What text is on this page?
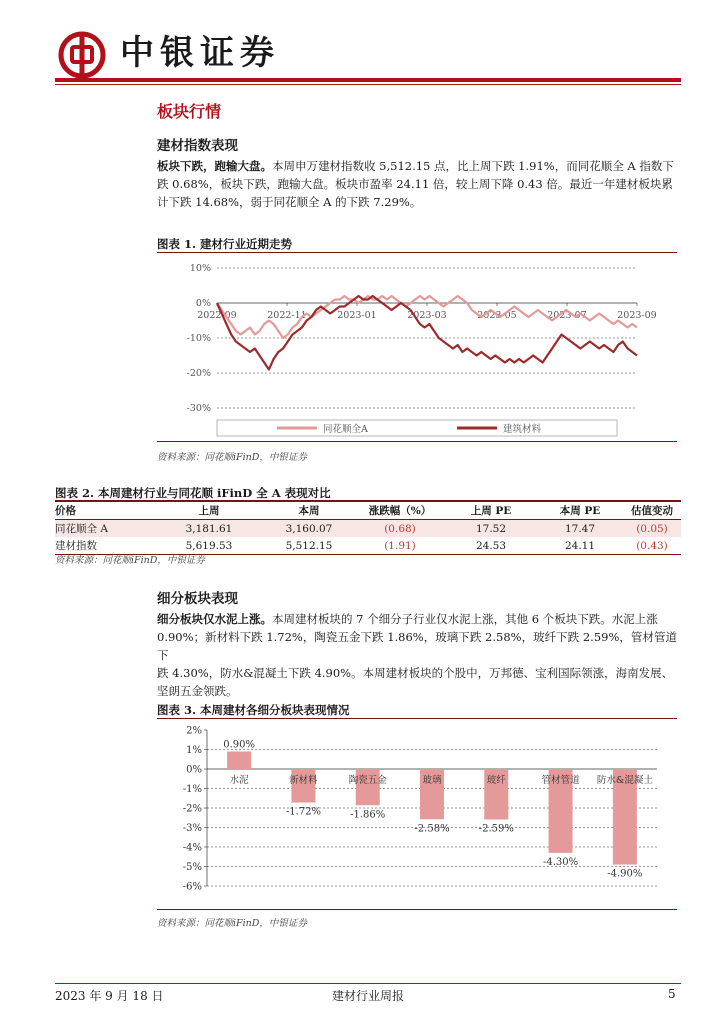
中银证券
板块行情
建材指数表现
板块下跌，跑输大盘。本周申万建材指数收 5,512.15 点，比上周下跌 1.91%，而同花顺全 A 指数下
跌 0.68%，板块下跌，跑输大盘。板块市盈率 24.11 倍，较上周下降 0.43 倍。最近一年建材板块累
计下跌 14.68%，弱于同花顺全 A 的下跌 7.29%。
图表 1. 建材行业近期走势
10%
0%
-10%
-20%
-30%
2022-09	2022-11	2023-01	2023-03	2023-05	2023-07	2023-09
同花顺全A	建筑材料
资料来源：同花顺iFinD，中银证券
图表 2. 本周建材行业与同花顺 iFinD 全 A 表现对比
价格	上周	本周	涨跌幅（%）	上周 PE	本周 PE	估值变动
同花顺全 A	3,181.61	3,160.07	(0.68)	17.52	17.47	(0.05)
建材指数	5,619.53	5,512.15	(1.91)	24.53	24.11	(0.43)
资料来源：同花顺iFinD，中银证券
细分板块表现
细分板块仅水泥上涨。本周建材板块的 7 个细分子行业仅水泥上涨，其他 6 个板块下跌。水泥上涨
0.90%；新材料下跌 1.72%，陶瓷五金下跌 1.86%，玻璃下跌 2.58%，玻纤下跌 2.59%，管材管道下
跌 4.30%，防水&混凝土下跌 4.90%。本周建材板块的个股中，万邦德、宝利国际领涨，海南发展、
坚朗五金领跌。
图表 3. 本周建材各细分板块表现情况
2%
1%
0%
-1%
-2%
-3%
-4%
-5%
-6%
0.90%
-1.72%	-1.86%
-2.58%	-2.59%
-4.30%
-4.90%
水泥	新材料	陶瓷五金	玻璃	玻纤	管材管道 防水&混凝土
资料来源：同花顺iFinD，中银证券
2023 年 9 月 18 日	建材行业周报	5
